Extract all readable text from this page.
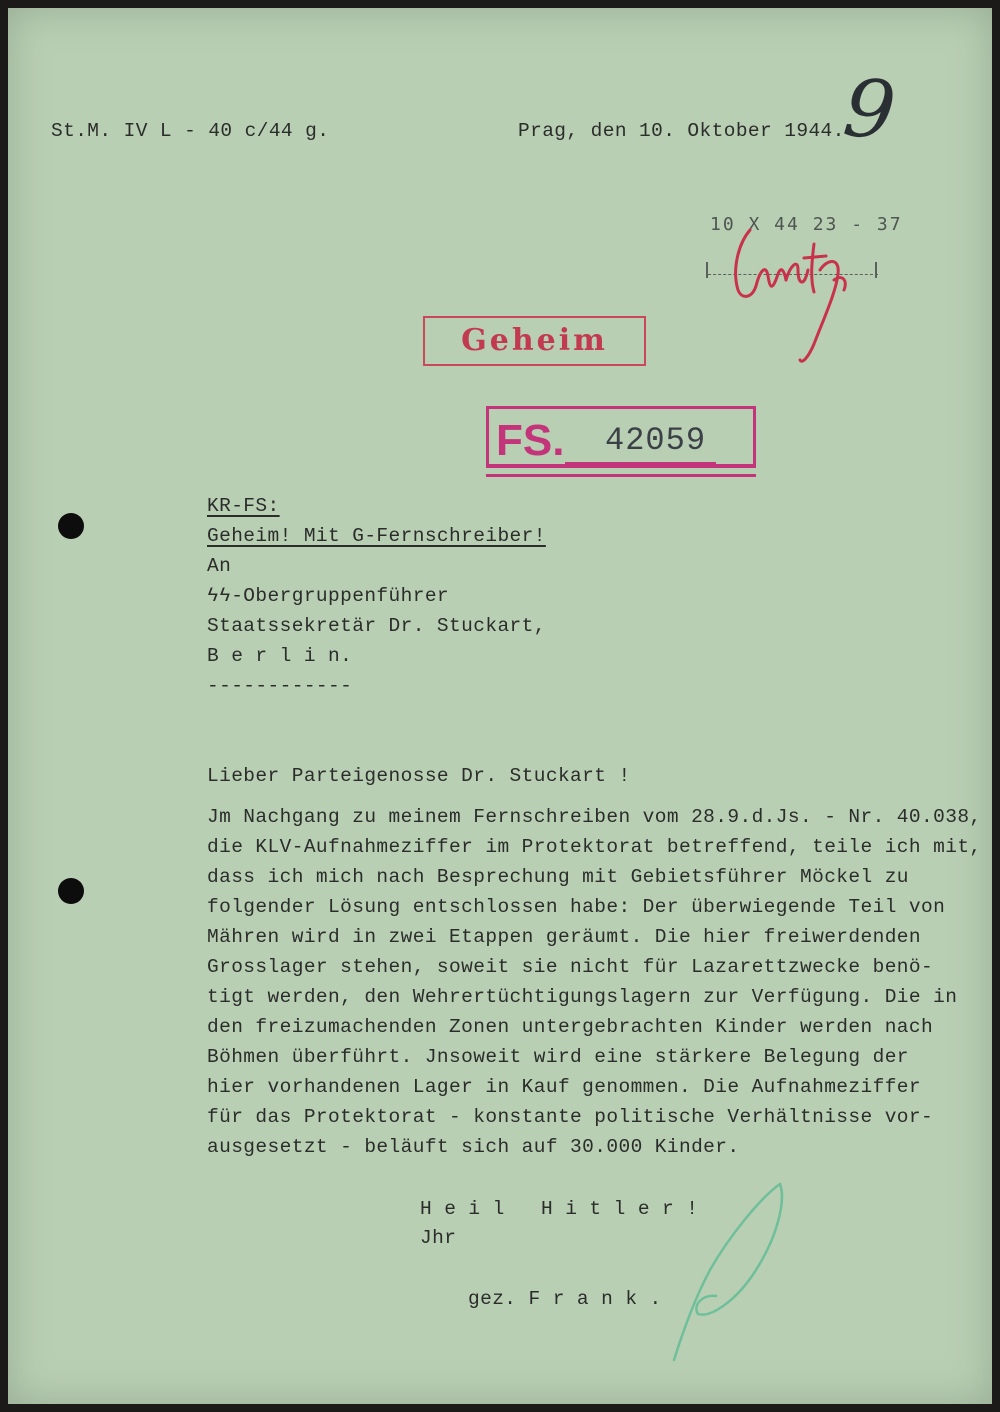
St.M. IV L - 40 c/44 g.	Prag, den 10. Oktober 1944.
9
10 X 44 23 - 37
Geheim
FS. 42059
KR-FS:
Geheim! Mit G-Fernschreiber!
An
ϟϟ-Obergruppenführer
Staatssekretär Dr. Stuckart,
B e r l i n.
------------
Lieber Parteigenosse Dr. Stuckart !
Jm Nachgang zu meinem Fernschreiben vom 28.9.d.Js. - Nr. 40.038,
die KLV-Aufnahmeziffer im Protektorat betreffend, teile ich mit,
dass ich mich nach Besprechung mit Gebietsführer Möckel zu
folgender Lösung entschlossen habe: Der überwiegende Teil von
Mähren wird in zwei Etappen geräumt. Die hier freiwerdenden
Grosslager stehen, soweit sie nicht für Lazarettzwecke benö-
tigt werden, den Wehrertüchtigungslagern zur Verfügung. Die in
den freizumachenden Zonen untergebrachten Kinder werden nach
Böhmen überführt. Jnsoweit wird eine stärkere Belegung der
hier vorhandenen Lager in Kauf genommen. Die Aufnahmeziffer
für das Protektorat - konstante politische Verhältnisse vor-
ausgesetzt - beläuft sich auf 30.000 Kinder.
H e i l   H i t l e r !
Jhr
gez. F r a n k .
